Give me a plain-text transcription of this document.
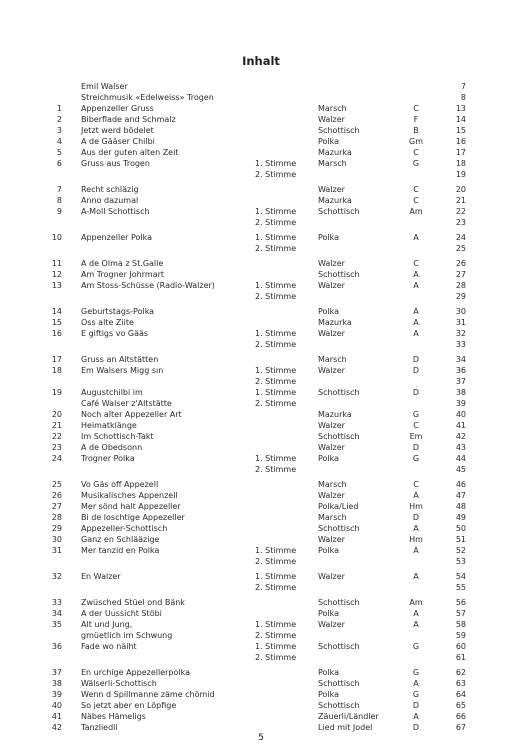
Inhalt
Emil Walser	7
Streichmusik «Edelweiss» Trogen	8
1 Appenzeller Gruss	Marsch	C	13
2 Biberflade and Schmalz	Walzer	F	14
3 Jetzt werd bödelet	Schottisch	B	15
4 A de Gääser Chilbi	Polka	Gm	16
5 Aus der guten alten Zeit	Mazurka	C	17
6 Gruss aus Trogen	1. Stimme	Marsch	G	18
2. Stimme	19
7 Recht schläzig	Walzer	C	20
8 Anno dazumal	Mazurka	C	21
9 A-Moll Schottisch	1. Stimme	Schottisch	Am	22
2. Stimme	23
10 Appenzeller Polka	1. Stimme	Polka	A	24
2. Stimme	25
11 A de Olma z St.Galle	Walzer	C	26
12 Am Trogner Johrmart	Schottisch	A	27
13 Am Stoss-Schüsse (Radio-Walzer)	1. Stimme	Walzer	A	28
2. Stimme	29
14 Geburtstags-Polka	Polka	A	30
15 Oss alte Ziite	Mazurka	A	31
16 E giftigs vo Gääs	1. Stimme	Walzer	A	32
2. Stimme	33
17 Gruss an Altstätten	Marsch	D	34
18 Em Walsers Migg sın	1. Stimme	Walzer	D	36
2. Stimme	37
19 Augustchilbi im	1. Stimme	Schottisch	D	38
Café Walser z'Altstätte	2. Stimme	39
20 Noch alter Appezeller Art	Mazurka	G	40
21 Heimatklänge	Walzer	C	41
22 Im Schottisch-Takt	Schottisch	Em	42
23 A de Obedsonn	Walzer	D	43
24 Trogner Polka	1. Stimme	Polka	G	44
2. Stimme	45
25 Vo Gäs off Appezell	Marsch	C	46
26 Musikalisches Appenzell	Walzer	A	47
27 Mer sönd halt Appezeller	Polka/Lied	Hm	48
28 Bi de loschtige Appezeller	Marsch	D	49
29 Appezeller-Schottisch	Schottisch	A	50
30 Ganz en Schlääzige	Walzer	Hm	51
31 Mer tanzid en Polka	1. Stimme	Polka	A	52
2. Stimme	53
32 En Walzer	1. Stimme	Walzer	A	54
2. Stimme	55
33 Zwüsched Stüel ond Bänk	Schottisch	Am	56
34 A der Uussicht Stöbi	Polka	A	57
35 Alt und Jung,	1. Stimme	Walzer	A	58
gmüetlich im Schwung	2. Stimme	59
36 Fade wo näiht	1. Stimme	Schottisch	G	60
2. Stimme	61
37 En urchige Appezellerpolka	Polka	G	62
38 Wälserli-Schottisch	Schottisch	A	63
39 Wenn d Spillmanne zäme chömid	Polka	G	64
40 So jetzt aber en Löpfige	Schottisch	D	65
41 Näbes Hämeligs	Zäuerli/Ländler	A	66
42 Tanzliedli	Lied mit Jodel	D	67
5
